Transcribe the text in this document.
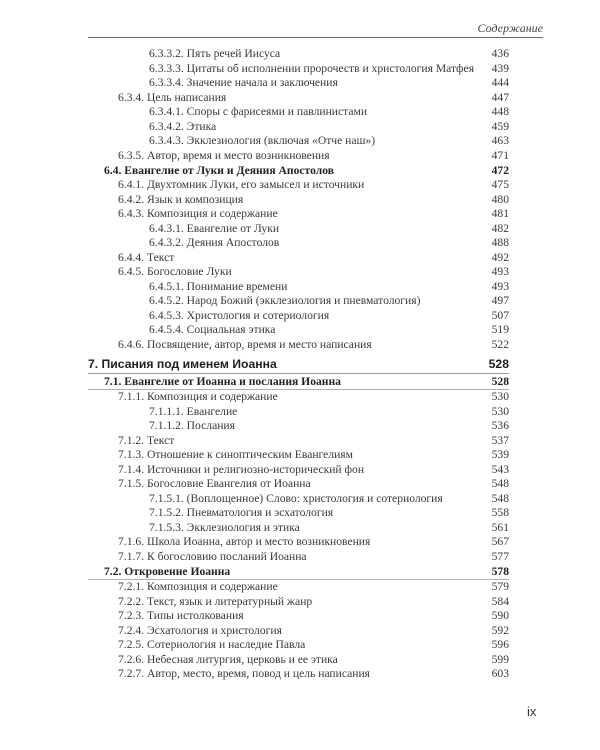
Содержание
6.3.3.2. Пять речей Иисуса	436
6.3.3.3. Цитаты об исполнении пророчеств и христология Матфея 439
6.3.3.4. Значение начала и заключения	444
6.3.4. Цель написания	447
6.3.4.1. Споры с фарисеями и павлинистами	448
6.3.4.2. Этика	459
6.3.4.3. Экклезиология (включая «Отче наш»)	463
6.3.5. Автор, время и место возникновения	471
6.4. Евангелие от Луки и Деяния Апостолов	472
6.4.1. Двухтомник Луки, его замысел и источники	475
6.4.2. Язык и композиция	480
6.4.3. Композиция и содержание	481
6.4.3.1. Евангелие от Луки	482
6.4.3.2. Деяния Апостолов	488
6.4.4. Текст	492
6.4.5. Богословие Луки	493
6.4.5.1. Понимание времени	493
6.4.5.2. Народ Божий (экклезиология и пневматология)	497
6.4.5.3. Христология и сотериология	507
6.4.5.4. Социальная этика	519
6.4.6. Посвящение, автор, время и место написания	522
7. Писания под именем Иоанна	528
7.1. Евангелие от Иоанна и послания Иоанна	528
7.1.1. Композиция и содержание	530
7.1.1.1. Евангелие	530
7.1.1.2. Послания	536
7.1.2. Текст	537
7.1.3. Отношение к синоптическим Евангелиям	539
7.1.4. Источники и религиозно-исторический фон	543
7.1.5. Богословие Евангелия от Иоанна	548
7.1.5.1. (Воплощенное) Слово: христология и сотериология	548
7.1.5.2. Пневматология и эсхатология	558
7.1.5.3. Экклезиология и этика	561
7.1.6. Школа Иоанна, автор и место возникновения	567
7.1.7. К богословию посланий Иоанна	577
7.2. Откровение Иоанна	578
7.2.1. Композиция и содержание	579
7.2.2. Текст, язык и литературный жанр	584
7.2.3. Типы истолкования	590
7.2.4. Эсхатология и христология	592
7.2.5. Сотериология и наследие Павла	596
7.2.6. Небесная литургия, церковь и ее этика	599
7.2.7. Автор, место, время, повод и цель написания	603
ix
